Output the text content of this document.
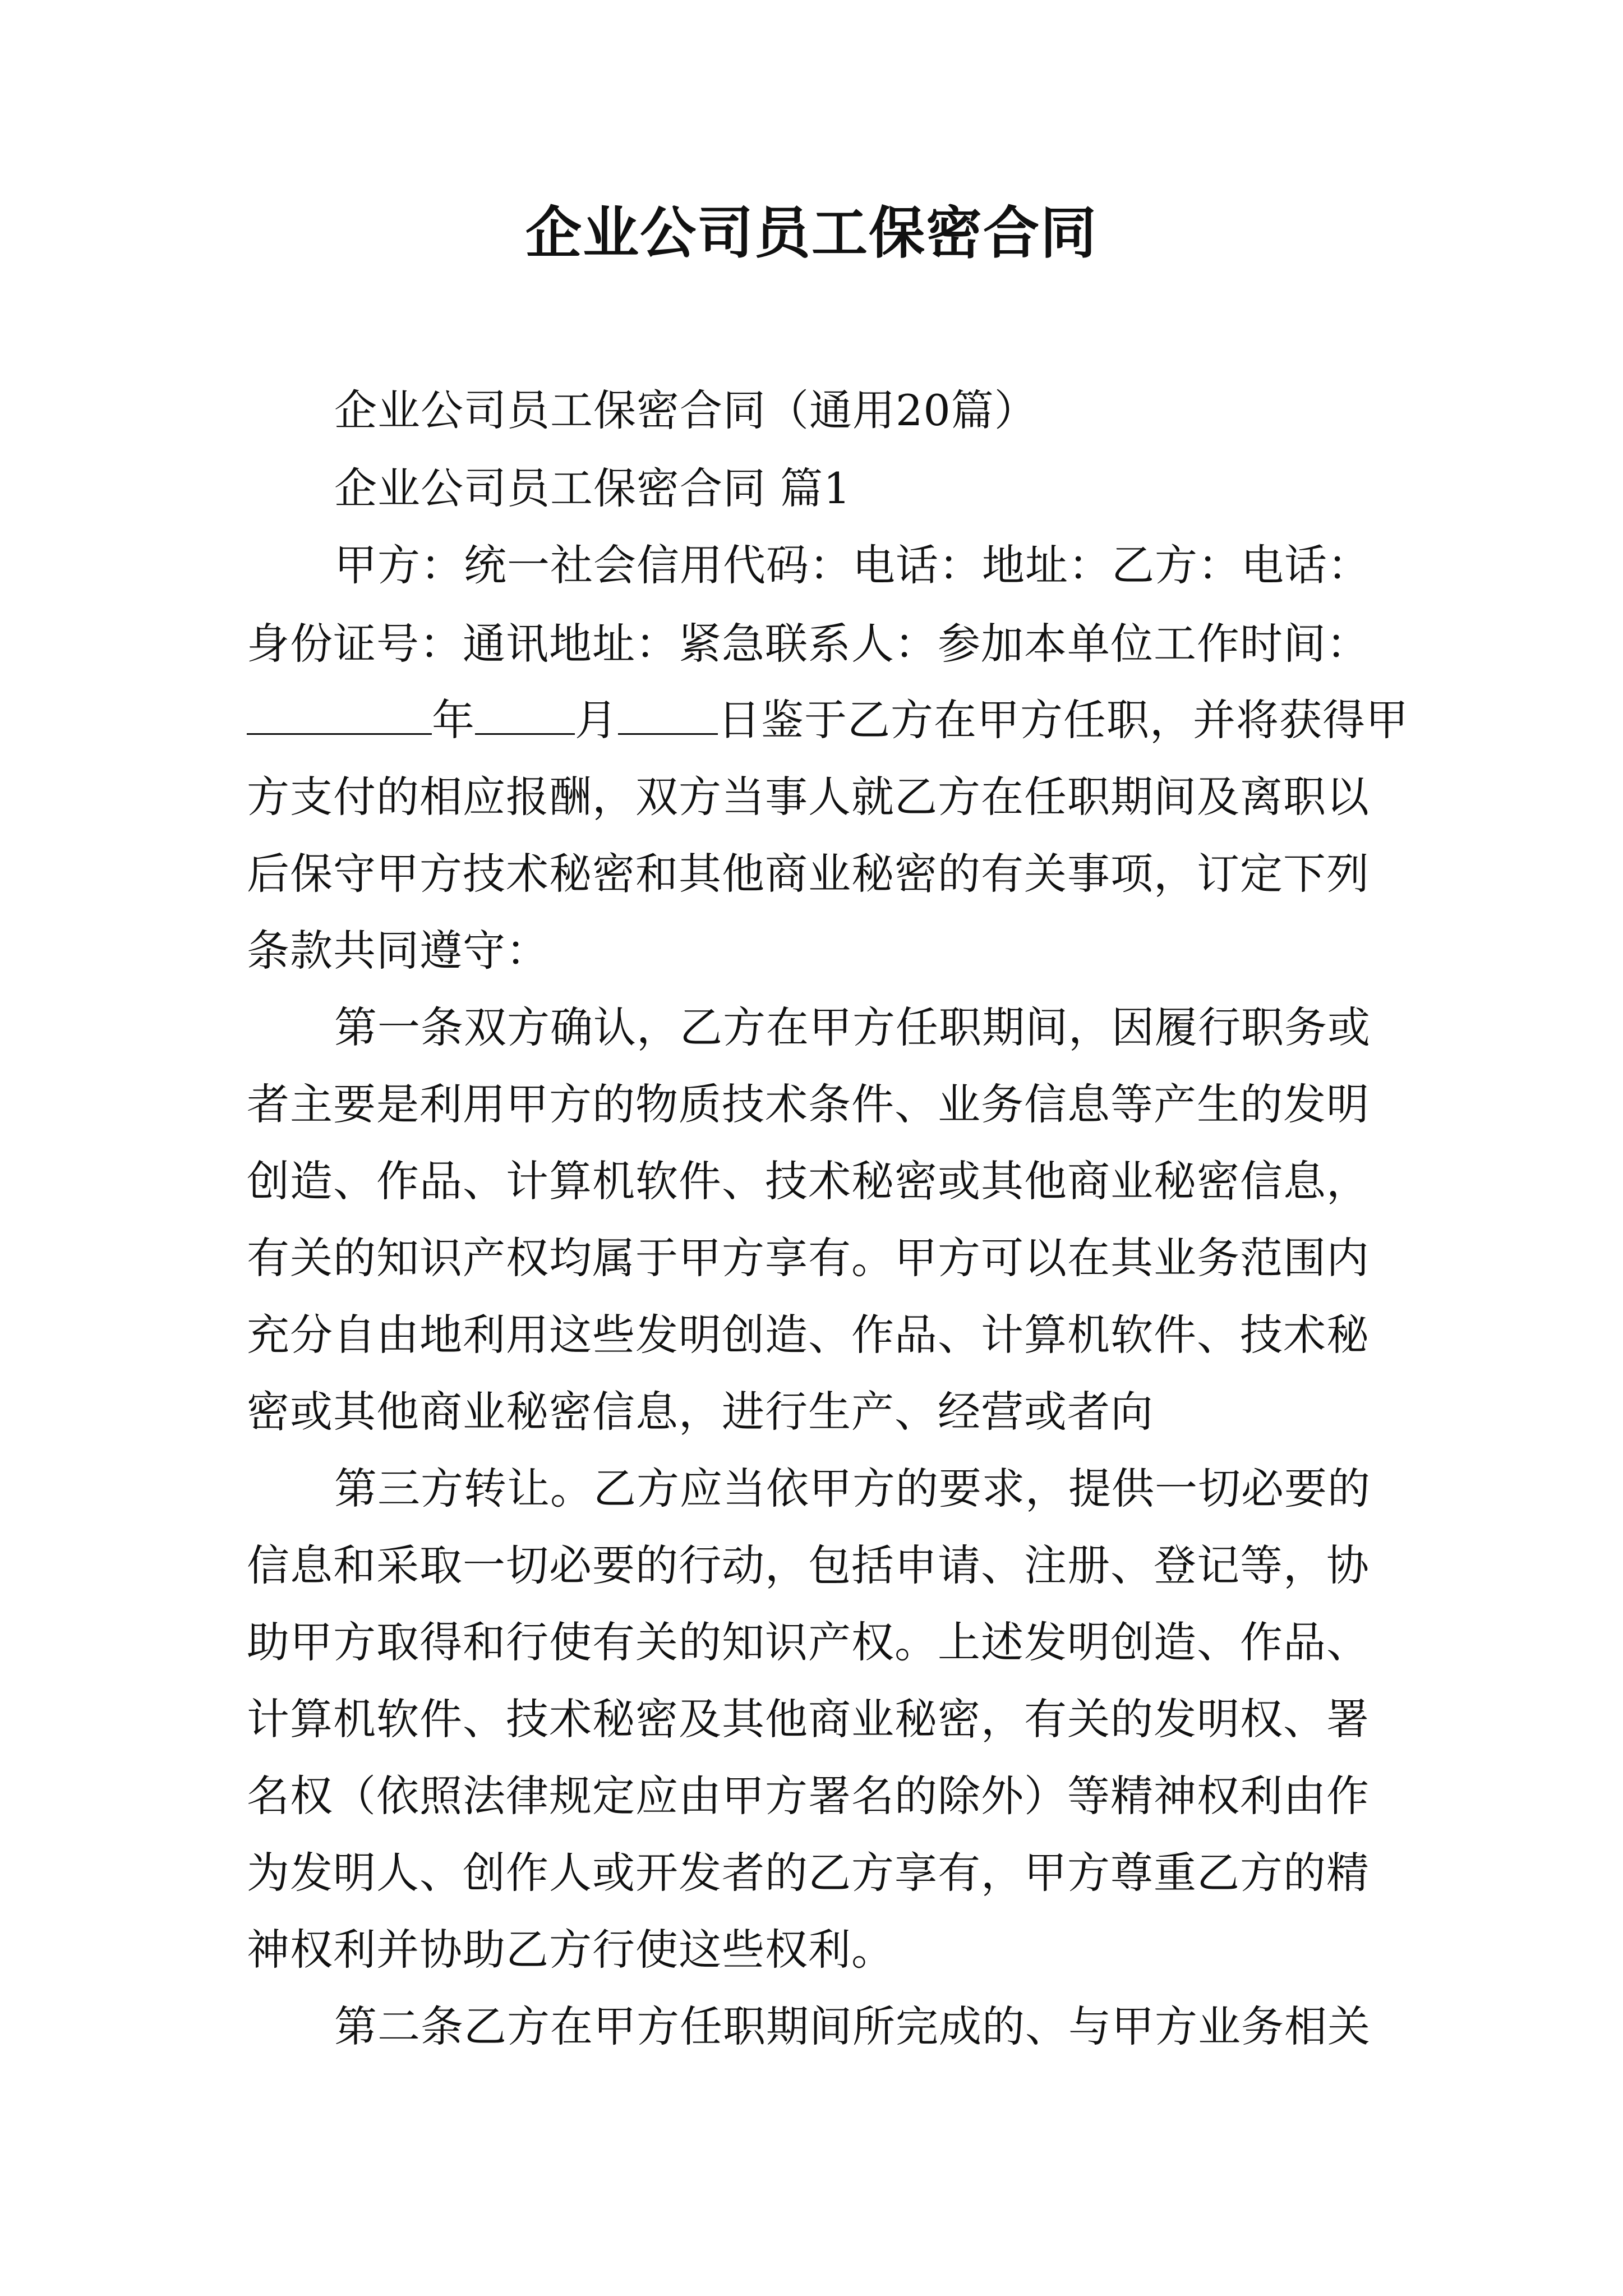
企业公司员工保密合同
企业公司员工保密合同（通用20篇）
企业公司员工保密合同 篇1
甲方：统一社会信用代码：电话：地址：乙方：电话：
身份证号：通讯地址：紧急联系人：参加本单位工作时间：
年 月 日鉴于乙方在甲方任职，并将获得甲
方支付的相应报酬，双方当事人就乙方在任职期间及离职以
后保守甲方技术秘密和其他商业秘密的有关事项，订定下列
条款共同遵守：
第一条双方确认，乙方在甲方任职期间，因履行职务或
者主要是利用甲方的物质技术条件、业务信息等产生的发明
创造、作品、计算机软件、技术秘密或其他商业秘密信息，
有关的知识产权均属于甲方享有。甲方可以在其业务范围内
充分自由地利用这些发明创造、作品、计算机软件、技术秘
密或其他商业秘密信息，进行生产、经营或者向
第三方转让。乙方应当依甲方的要求，提供一切必要的
信息和采取一切必要的行动，包括申请、注册、登记等，协
助甲方取得和行使有关的知识产权。上述发明创造、作品、
计算机软件、技术秘密及其他商业秘密，有关的发明权、署
名权（依照法律规定应由甲方署名的除外）等精神权利由作
为发明人、创作人或开发者的乙方享有，甲方尊重乙方的精
神权利并协助乙方行使这些权利。
第二条乙方在甲方任职期间所完成的、与甲方业务相关
